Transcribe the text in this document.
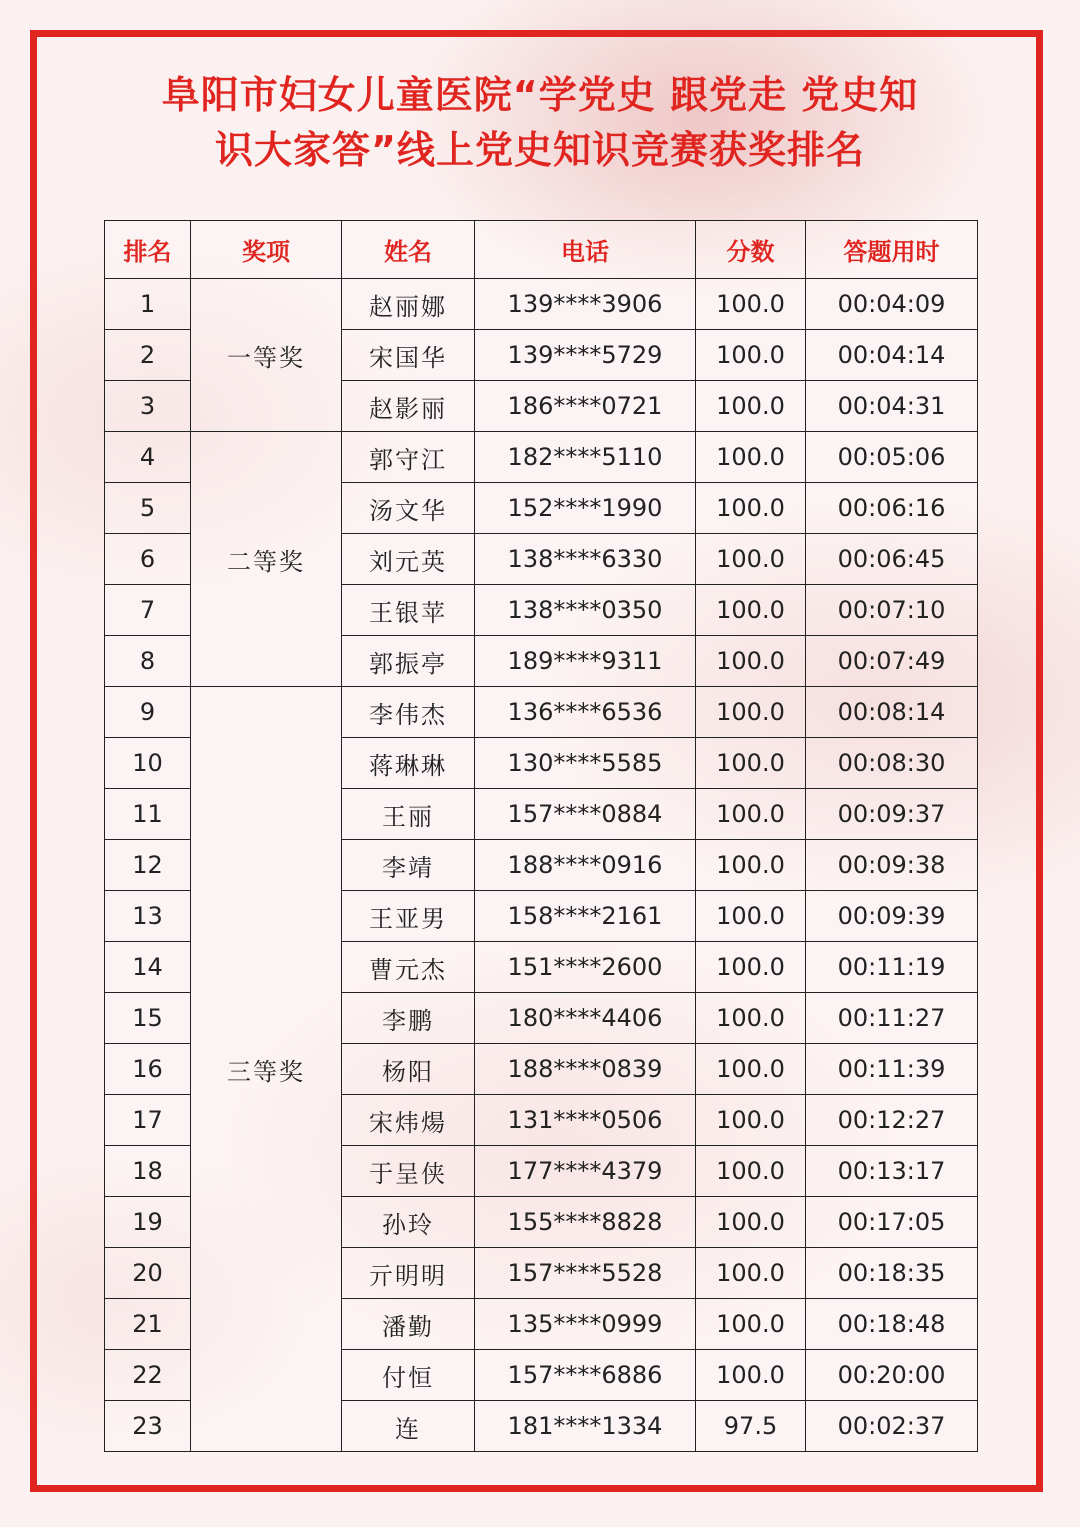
阜阳市妇女儿童医院“学党史 跟党走 党史知
识大家答”线上党史知识竞赛获奖排名
排名	奖项	姓名	电话	分数	答题用时
1	一等奖	赵丽娜	139****3906	100.0	00:04:09
2		宋国华	139****5729	100.0	00:04:14
3		赵影丽	186****0721	100.0	00:04:31
4	二等奖	郭守江	182****5110	100.0	00:05:06
5		汤文华	152****1990	100.0	00:06:16
6		刘元英	138****6330	100.0	00:06:45
7		王银苹	138****0350	100.0	00:07:10
8		郭振亭	189****9311	100.0	00:07:49
9	三等奖	李伟杰	136****6536	100.0	00:08:14
10		蒋琳琳	130****5585	100.0	00:08:30
11		王丽	157****0884	100.0	00:09:37
12		李靖	188****0916	100.0	00:09:38
13		王亚男	158****2161	100.0	00:09:39
14		曹元杰	151****2600	100.0	00:11:19
15		李鹏	180****4406	100.0	00:11:27
16		杨阳	188****0839	100.0	00:11:39
17		宋炜煬	131****0506	100.0	00:12:27
18		于呈侠	177****4379	100.0	00:13:17
19		孙玲	155****8828	100.0	00:17:05
20		亓明明	157****5528	100.0	00:18:35
21		潘勤	135****0999	100.0	00:18:48
22		付恒	157****6886	100.0	00:20:00
23		连	181****1334	97.5	00:02:37
